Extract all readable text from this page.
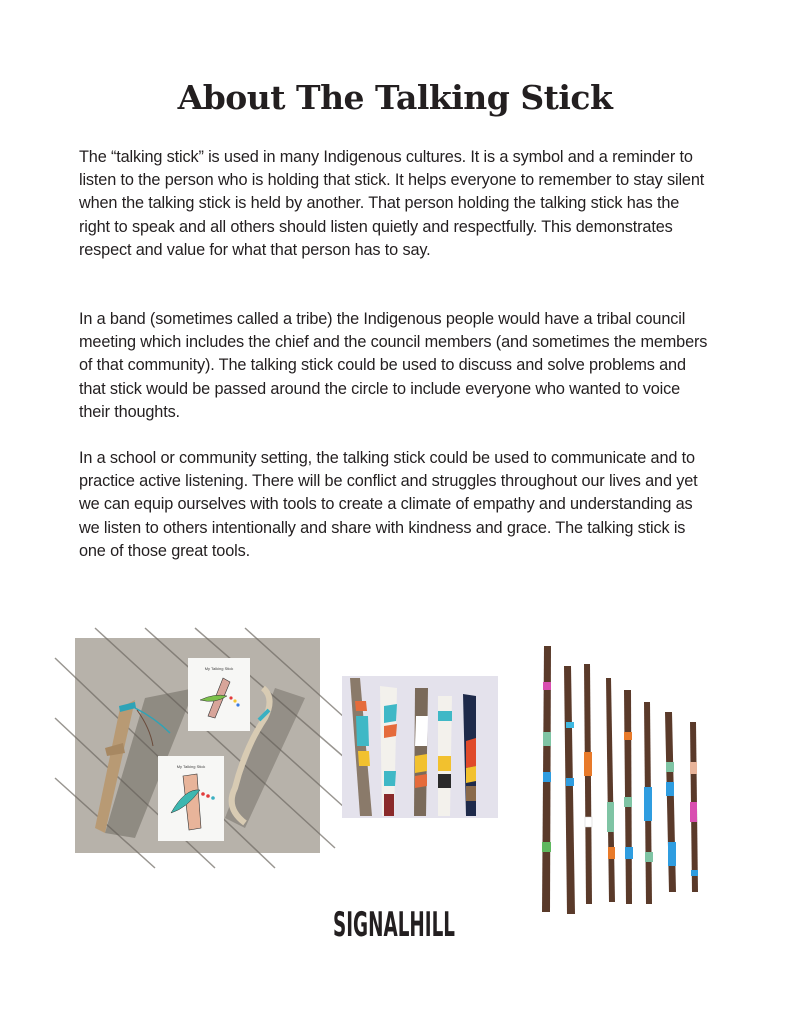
About The Talking Stick

The “talking stick” is used in many Indigenous cultures. It is a symbol and a reminder to listen to the person who is holding that stick. It helps everyone to remember to stay silent when the talking stick is held by another. That person holding the talking stick has the right to speak and all others should listen quietly and respectfully. This demonstrates respect and value for what that person has to say.

In a band (sometimes called a tribe) the Indigenous people would have a tribal council meeting which includes the chief and the council members (and sometimes the members of that community). The talking stick could be used to discuss and solve problems and that stick would be passed around the circle to include everyone who wanted to voice their thoughts.

In a school or community setting, the talking stick could be used to communicate and to practice active listening. There will be conflict and struggles throughout our lives and yet we can equip ourselves with tools to create a climate of empathy and understanding as we listen to others intentionally and share with kindness and grace. The talking stick is one of those great tools.

My Talking Stick
My Talking Stick
SIGNALHILL
